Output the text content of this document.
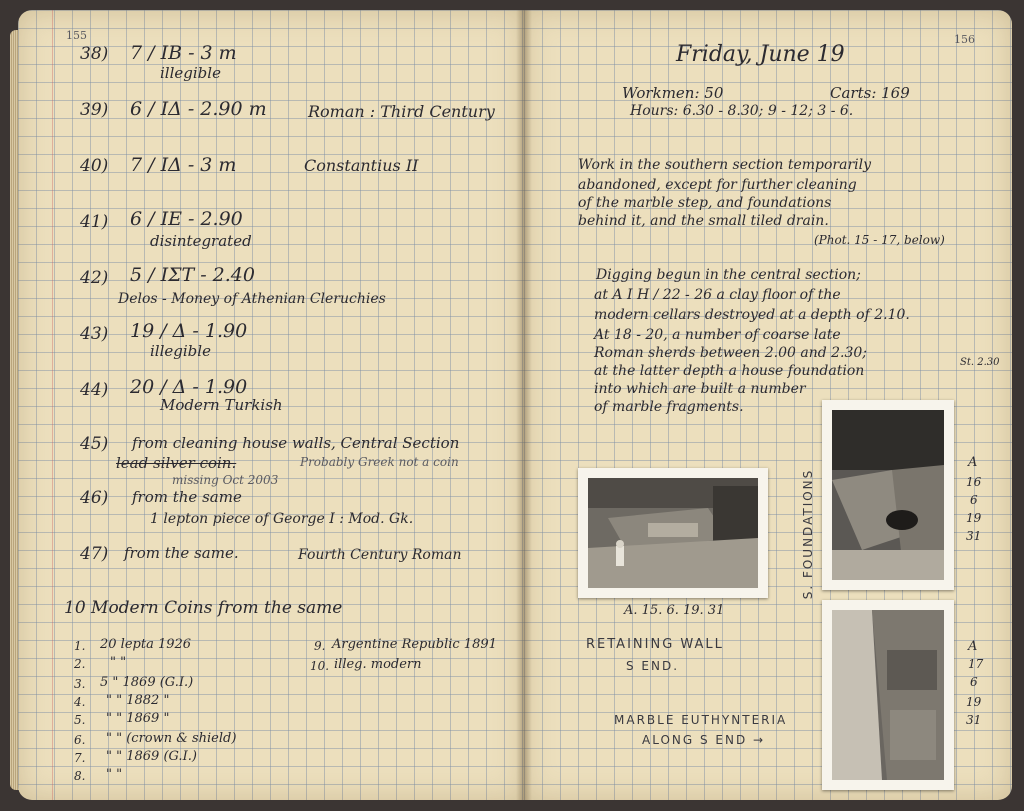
155
38) 7 / IB - 3 m
illegible
39) 6 / IΔ - 2.90 m	Roman : Third Century
40) 7 / IΔ - 3 m	Constantius II
41) 6 / IE - 2.90
disintegrated
42) 5 / IΣT - 2.40
Delos - Money of Athenian Cleruchies
43) 19 / Δ - 1.90
illegible
44) 20 / Δ - 1.90
Modern Turkish
45) from cleaning house walls, Central Section
lead silver coin.	Probably Greek not a coin
missing Oct 2003
46) from the same
1 lepton piece of George I : Mod. Gk.
47) from the same.	Fourth Century Roman
10 Modern Coins from the same
1. 20 lepta 1926
2. " "
3. 5 " 1869 (G.I.)
4. " " 1882 "
5. " " 1869 "
6. " " (crown & shield)
7. " " 1869 (G.I.)
8. " "
9. Argentine Republic 1891
10. illeg. modern
156
Friday, June 19
Workmen: 50	Carts: 169
Hours: 6.30 - 8.30; 9 - 12; 3 - 6.
Work in the southern section temporarily
abandoned, except for further cleaning
of the marble step, and foundations
behind it, and the small tiled drain.
(Phot. 15 - 17, below)
Digging begun in the central section;
at A I H / 22 - 26 a clay floor of the
modern cellars destroyed at a depth of 2.10.
At 18 - 20, a number of coarse late
Roman sherds between 2.00 and 2.30;
at the latter depth a house foundation
into which are built a number
of marble fragments.
St. 2.30
A. 15. 6. 19. 31
RETAINING WALL
S END.
MARBLE EUTHYNTERIA
ALONG S END →
S. FOUNDATIONS
A
16
6
19
31
A
17
6
19
31
